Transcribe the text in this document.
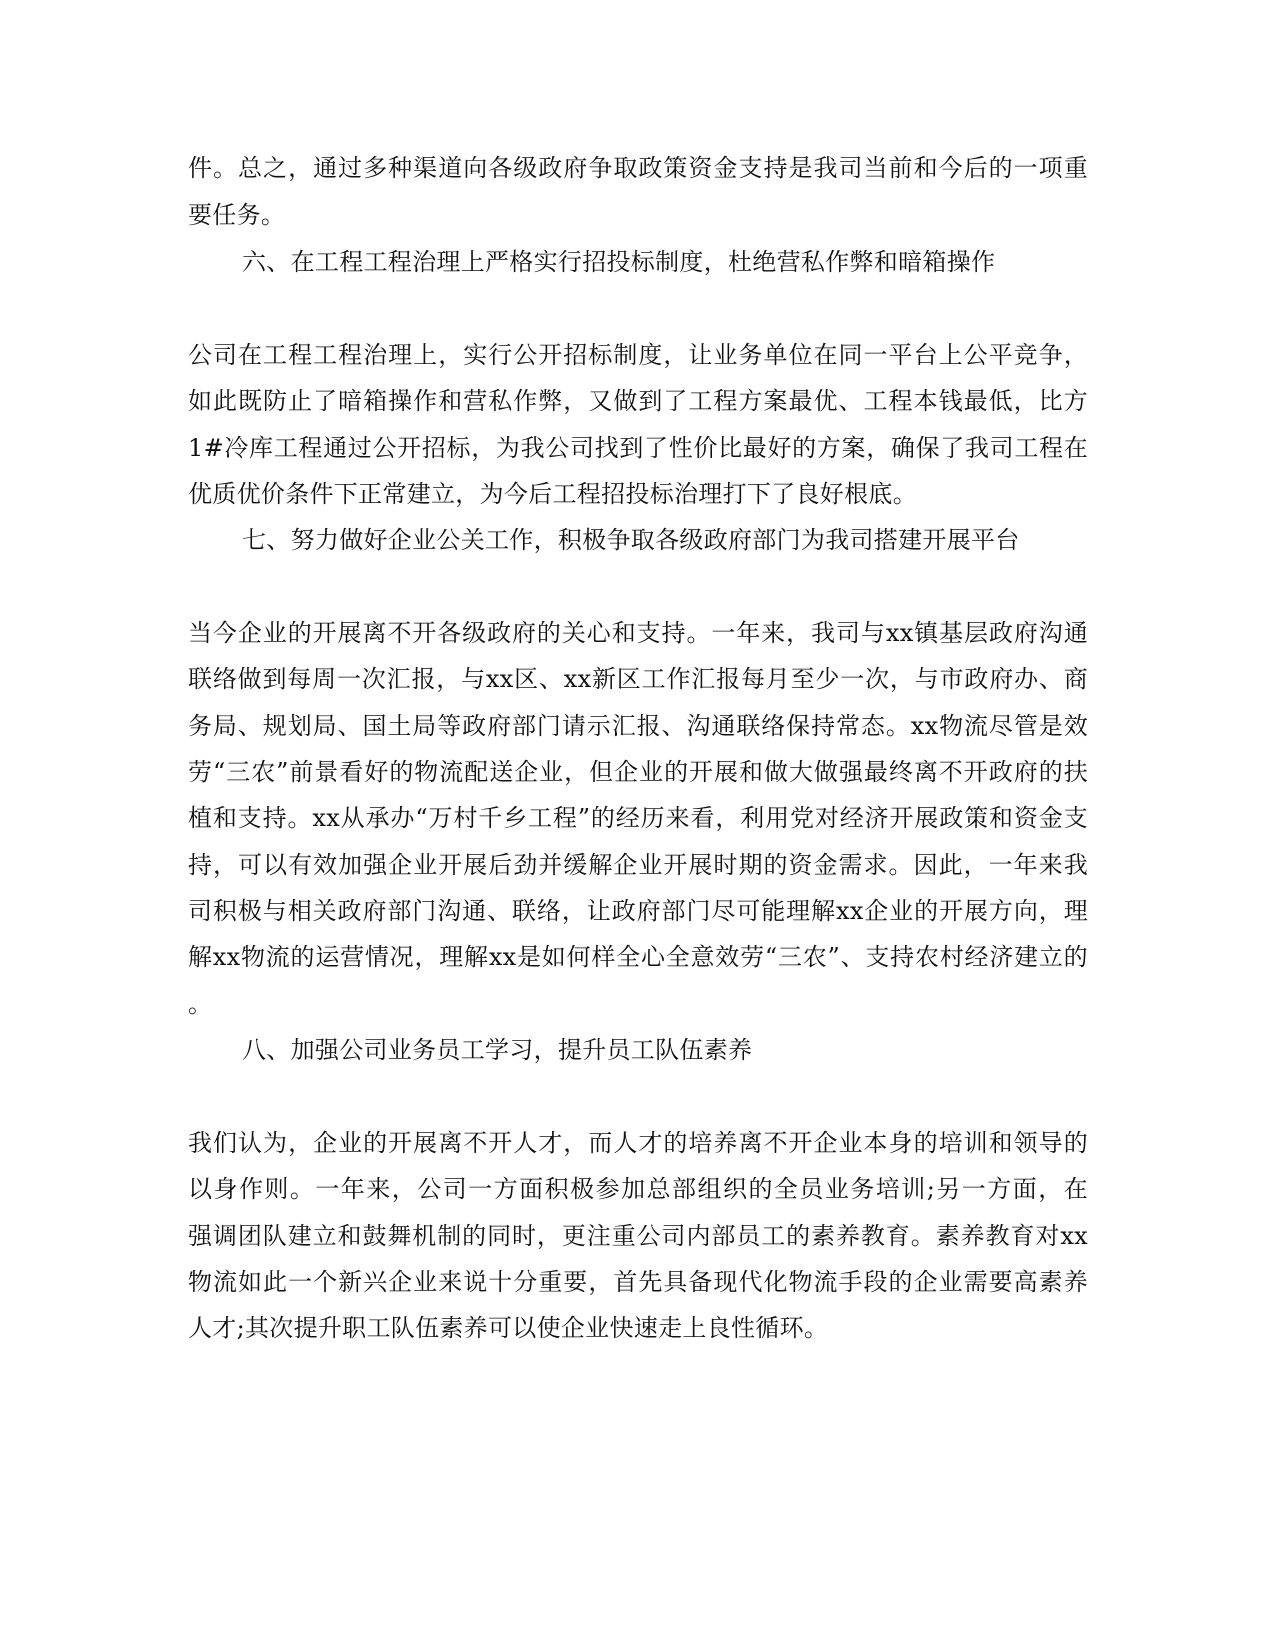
件。总之，通过多种渠道向各级政府争取政策资金支持是我司当前和今后的一项重
要任务。
六、在工程工程治理上严格实行招投标制度，杜绝营私作弊和暗箱操作
公司在工程工程治理上，实行公开招标制度，让业务单位在同一平台上公平竞争，
如此既防止了暗箱操作和营私作弊，又做到了工程方案最优、工程本钱最低，比方
1#冷库工程通过公开招标，为我公司找到了性价比最好的方案，确保了我司工程在
优质优价条件下正常建立，为今后工程招投标治理打下了良好根底。
七、努力做好企业公关工作，积极争取各级政府部门为我司搭建开展平台
当今企业的开展离不开各级政府的关心和支持。一年来，我司与xx镇基层政府沟通
联络做到每周一次汇报，与xx区、xx新区工作汇报每月至少一次，与市政府办、商
务局、规划局、国土局等政府部门请示汇报、沟通联络保持常态。xx物流尽管是效
劳“三农”前景看好的物流配送企业，但企业的开展和做大做强最终离不开政府的扶
植和支持。xx从承办“万村千乡工程”的经历来看，利用党对经济开展政策和资金支
持，可以有效加强企业开展后劲并缓解企业开展时期的资金需求。因此，一年来我
司积极与相关政府部门沟通、联络，让政府部门尽可能理解xx企业的开展方向，理
解xx物流的运营情况，理解xx是如何样全心全意效劳“三农”、支持农村经济建立的
。
八、加强公司业务员工学习，提升员工队伍素养
我们认为，企业的开展离不开人才，而人才的培养离不开企业本身的培训和领导的
以身作则。一年来，公司一方面积极参加总部组织的全员业务培训;另一方面，在
强调团队建立和鼓舞机制的同时，更注重公司内部员工的素养教育。素养教育对xx
物流如此一个新兴企业来说十分重要，首先具备现代化物流手段的企业需要高素养
人才;其次提升职工队伍素养可以使企业快速走上良性循环。
